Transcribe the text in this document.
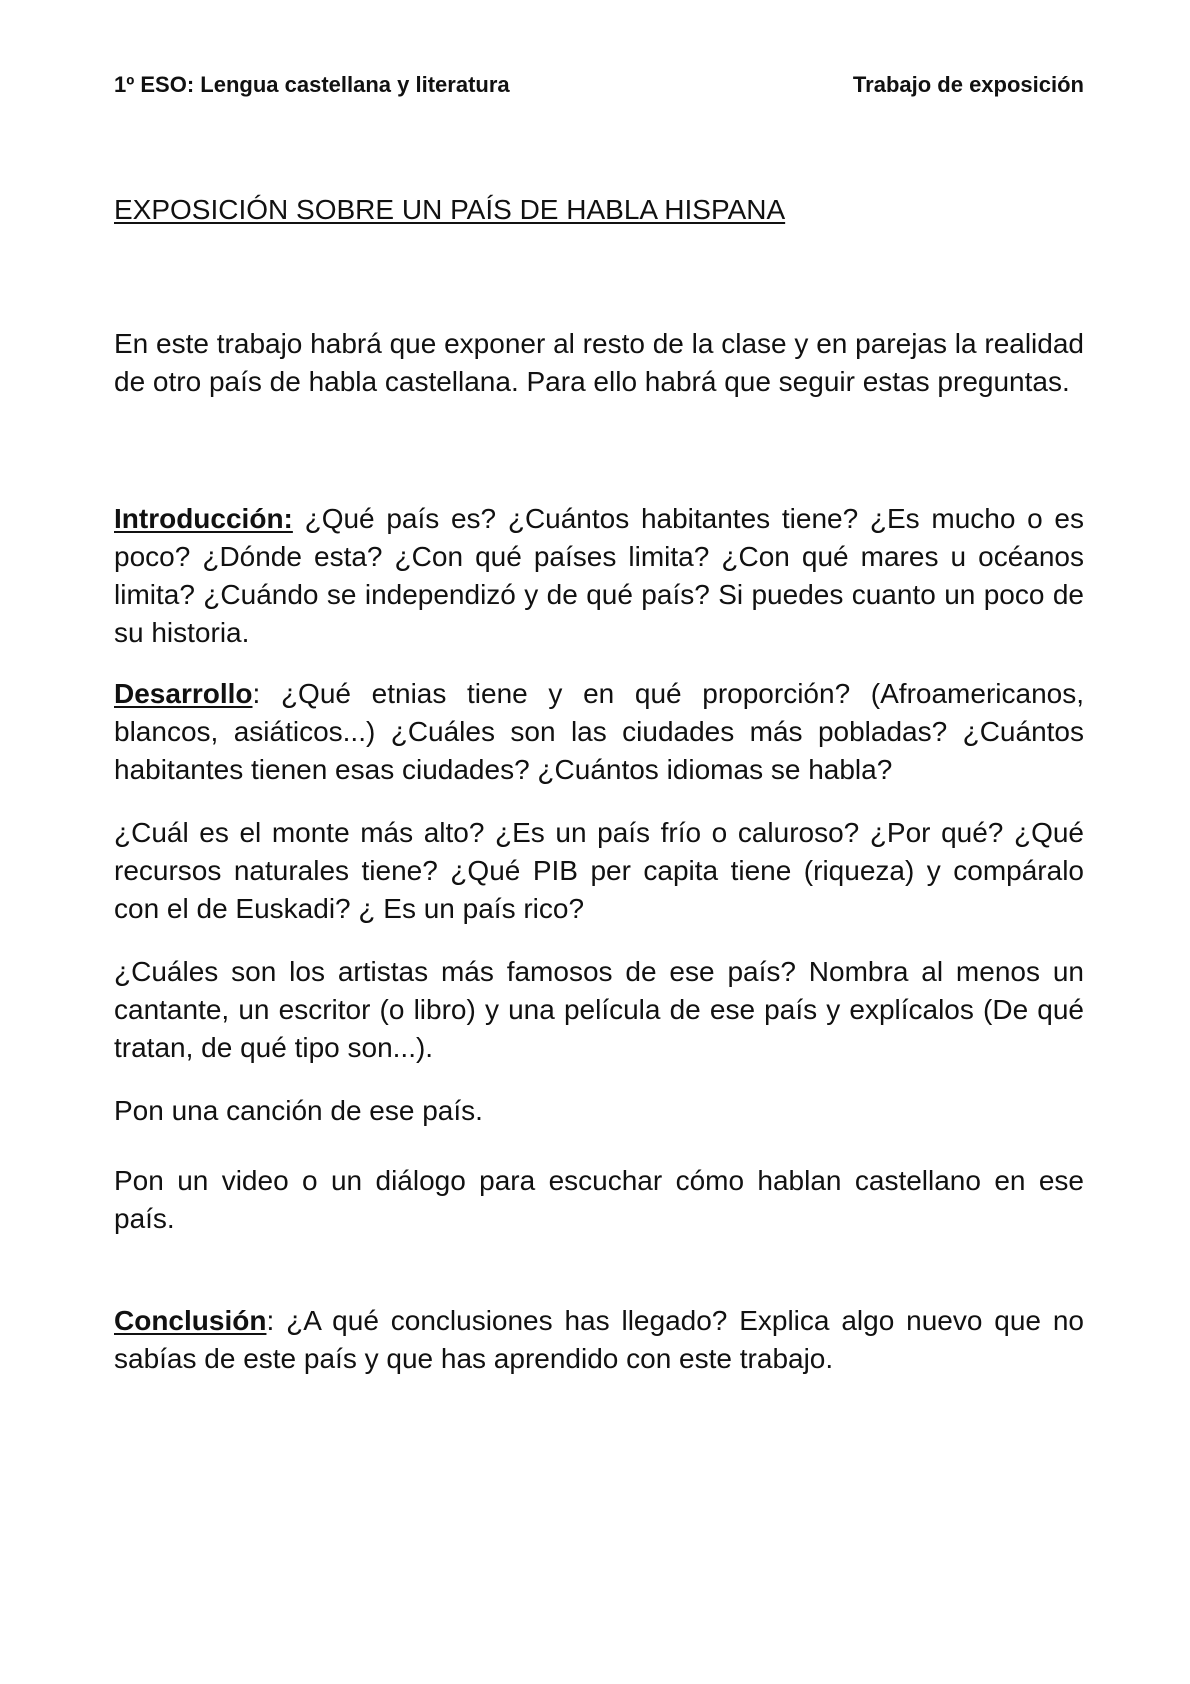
1º ESO: Lengua castellana y literatura	Trabajo de exposición
EXPOSICIÓN SOBRE UN PAÍS DE HABLA HISPANA

En este trabajo habrá que exponer al resto de la clase y en parejas la realidad de otro país de habla castellana. Para ello habrá que seguir estas preguntas.

Introducción: ¿Qué país es? ¿Cuántos habitantes tiene? ¿Es mucho o es poco? ¿Dónde esta? ¿Con qué países limita? ¿Con qué mares u océanos limita? ¿Cuándo se independizó y de qué país? Si puedes cuanto un poco de su historia.

Desarrollo: ¿Qué etnias tiene y en qué proporción? (Afroamericanos, blancos, asiáticos...) ¿Cuáles son las ciudades más pobladas? ¿Cuántos habitantes tienen esas ciudades? ¿Cuántos idiomas se habla?

¿Cuál es el monte más alto? ¿Es un país frío o caluroso? ¿Por qué? ¿Qué recursos naturales tiene? ¿Qué PIB per capita tiene (riqueza) y compáralo con el de Euskadi? ¿ Es un país rico?

¿Cuáles son los artistas más famosos de ese país? Nombra al menos un cantante, un escritor (o libro) y una película de ese país y explícalos (De qué tratan, de qué tipo son...).

Pon una canción de ese país.

Pon un video o un diálogo para escuchar cómo hablan castellano en ese país.

Conclusión: ¿A qué conclusiones has llegado? Explica algo nuevo que no sabías de este país y que has aprendido con este trabajo.
